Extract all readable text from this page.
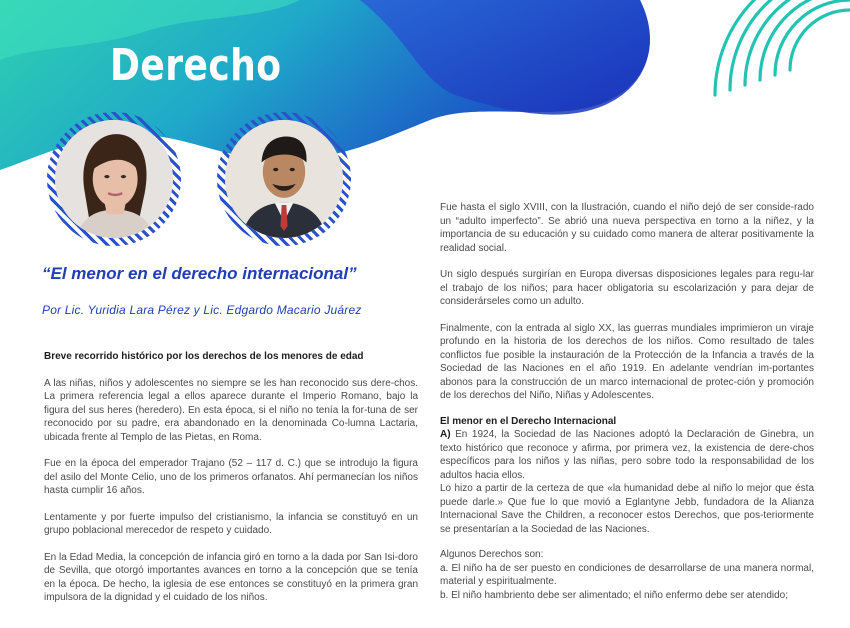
Derecho
“El menor en el derecho internacional”
Por Lic. Yuridia Lara Pérez y Lic. Edgardo Macario Juárez

Breve recorrido histórico por los derechos de los menores de edad

A las niñas, niños y adolescentes no siempre se les han reconocido sus dere-chos. La primera referencia legal a ellos aparece durante el Imperio Romano, bajo la figura del sus heres (heredero). En esta época, si el niño no tenía la for-tuna de ser reconocido por su padre, era abandonado en la denominada Co-lumna Lactaria, ubicada frente al Templo de las Pietas, en Roma.

Fue en la época del emperador Trajano (52 – 117 d. C.) que se introdujo la figura del asilo del Monte Celio, uno de los primeros orfanatos. Ahí permanecían los niños hasta cumplir 16 años.

Lentamente y por fuerte impulso del cristianismo, la infancia se constituyó en un grupo poblacional merecedor de respeto y cuidado.

En la Edad Media, la concepción de infancia giró en torno a la dada por San Isi-doro de Sevilla, que otorgó importantes avances en torno a la concepción que se tenía en la época. De hecho, la iglesia de ese entonces se constituyó en la primera gran impulsora de la dignidad y el cuidado de los niños.

Fue hasta el siglo XVIII, con la Ilustración, cuando el niño dejó de ser conside-rado un “adulto imperfecto”. Se abrió una nueva perspectiva en torno a la niñez, y la importancia de su educación y su cuidado como manera de alterar positivamente la realidad social.

Un siglo después surgirían en Europa diversas disposiciones legales para regu-lar el trabajo de los niños; para hacer obligatoria su escolarización y para dejar de considerárseles como un adulto.

Finalmente, con la entrada al siglo XX, las guerras mundiales imprimieron un viraje profundo en la historia de los derechos de los niños. Como resultado de tales conflictos fue posible la instauración de la Protección de la Infancia a través de la Sociedad de las Naciones en el año 1919. En adelante vendrían im-portantes abonos para la construcción de un marco internacional de protec-ción y promoción de los derechos del Niño, Niñas y Adolescentes.

El menor en el Derecho Internacional

A) En 1924, la Sociedad de las Naciones adoptó la Declaración de Ginebra, un texto histórico que reconoce y afirma, por primera vez, la existencia de dere-chos específicos para los niños y las niñas, pero sobre todo la responsabilidad de los adultos hacia ellos.

Lo hizo a partir de la certeza de que «la humanidad debe al niño lo mejor que ésta puede darle.» Que fue lo que movió a Eglantyne Jebb, fundadora de la Alianza Internacional Save the Children, a reconocer estos Derechos, que pos-teriormente se presentarían a la Sociedad de las Naciones.

Algunos Derechos son:

a. El niño ha de ser puesto en condiciones de desarrollarse de una manera normal, material y espiritualmente.

b. El niño hambriento debe ser alimentado; el niño enfermo debe ser atendido;
